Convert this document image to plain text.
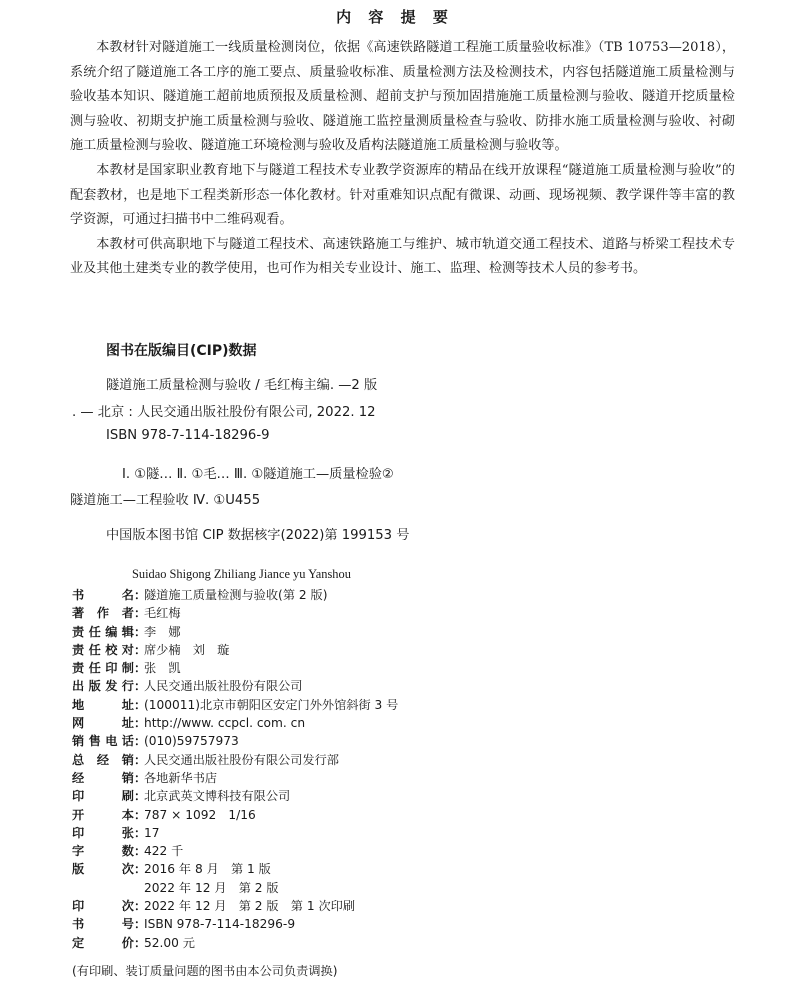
内 容 提 要

本教材针对隧道施工一线质量检测岗位，依据《高速铁路隧道工程施工质量验收标准》（TB 10753—2018），系统介绍了隧道施工各工序的施工要点、质量验收标准、质量检测方法及检测技术，内容包括隧道施工质量检测与验收基本知识、隧道施工超前地质预报及质量检测、超前支护与预加固措施施工质量检测与验收、隧道开挖质量检测与验收、初期支护施工质量检测与验收、隧道施工监控量测质量检查与验收、防排水施工质量检测与验收、衬砌施工质量检测与验收、隧道施工环境检测与验收及盾构法隧道施工质量检测与验收等。

本教材是国家职业教育地下与隧道工程技术专业教学资源库的精品在线开放课程“隧道施工质量检测与验收”的配套教材，也是地下工程类新形态一体化教材。针对重难知识点配有微课、动画、现场视频、教学课件等丰富的教学资源，可通过扫描书中二维码观看。

本教材可供高职地下与隧道工程技术、高速铁路施工与维护、城市轨道交通工程技术、道路与桥梁工程技术专业及其他土建类专业的教学使用，也可作为相关专业设计、施工、监理、检测等技术人员的参考书。

图书在版编目(CIP)数据
隧道施工质量检测与验收 / 毛红梅主编. —2 版
. — 北京 : 人民交通出版社股份有限公司, 2022. 12
ISBN 978-7-114-18296-9
Ⅰ. ①隧… Ⅱ. ①毛… Ⅲ. ①隧道施工—质量检验②
隧道施工—工程验收 Ⅳ. ①U455
中国版本图书馆 CIP 数据核字(2022)第 199153 号
Suidao Shigong Zhiliang Jiance yu Yanshou
书　　名 ：
隧道施工质量检测与验收(第 2 版)
著 作 者 ：
毛红梅
责任编辑 ：
李　娜
责任校对 ：
席少楠　刘　璇
责任印制 ：
张　凯
出版发行 ：
人民交通出版社股份有限公司
地　　址 ：
(100011)北京市朝阳区安定门外外馆斜街 3 号
网　　址 ：
http://www. ccpcl. com. cn
销售电话 ：
(010)59757973
总 经 销 ：
人民交通出版社股份有限公司发行部
经　　销 ：
各地新华书店
印　　刷 ：
北京武英文博科技有限公司
开　　本 ：
787 × 1092　1/16
印　　张 ：
17
字　　数 ：
422 千
版　　次 ：
2016 年 8 月　第 1 版
2022 年 12 月　第 2 版
印　　次 ：
2022 年 12 月　第 2 版　第 1 次印刷
书　　号 ：
ISBN 978-7-114-18296-9
定　　价 ：
52.00 元
(有印刷、装订质量问题的图书由本公司负责调换)
